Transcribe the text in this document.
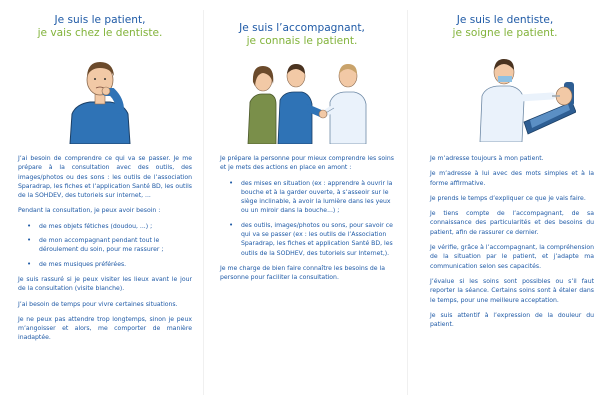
Je suis le patient,
je vais chez le dentiste.

J’ai besoin de comprendre ce qui va se passer. Je me prépare à la consultation avec des outils, des images/photos ou des sons : les outils de l’association Sparadrap, les fiches et l’application Santé BD, les outils de la SOHDEV, des tutoriels sur internet, ...

Pendant la consultation, je peux avoir besoin :

• de mes objets fétiches (doudou, ...) ;
• de mon accompagnant pendant tout le déroulement du soin, pour me rassurer ;
• de mes musiques préférées.

Je suis rassuré si je peux visiter les lieux avant le jour de la consultation (visite blanche).

J’ai besoin de temps pour vivre certaines situations.

Je ne peux pas attendre trop longtemps, sinon je peux m’angoisser et alors, me comporter de manière inadaptée.

Je suis l’accompagnant,
je connais le patient.

Je prépare la personne pour mieux comprendre les soins et je mets des actions en place en amont :

• des mises en situation (ex : apprendre à ouvrir la bouche et à la garder ouverte, à s’asseoir sur le siège inclinable, à avoir la lumière dans les yeux ou un miroir dans la bouche...) ;
• des outils, images/photos ou sons, pour savoir ce qui va se passer (ex : les outils de l’Association Sparadrap, les fiches et application Santé BD, les outils de la SODHEV, des tutoriels sur Internet,).

Je me charge de bien faire connaître les besoins de la personne pour faciliter la consultation.

Je suis le dentiste,
je soigne le patient.

Je m’adresse toujours à mon patient.

Je m’adresse à lui avec des mots simples et à la forme affirmative.

Je prends le temps d’expliquer ce que je vais faire.

Je tiens compte de l’accompagnant, de sa connaissance des particularités et des besoins du patient, afin de rassurer ce dernier.

Je vérifie, grâce à l’accompagnant, la compréhension de la situation par le patient, et j’adapte ma communication selon ses capacités.

J’évalue si les soins sont possibles ou s’il faut reporter la séance. Certains soins sont à étaler dans le temps, pour une meilleure acceptation.

Je suis attentif à l’expression de la douleur du patient.
